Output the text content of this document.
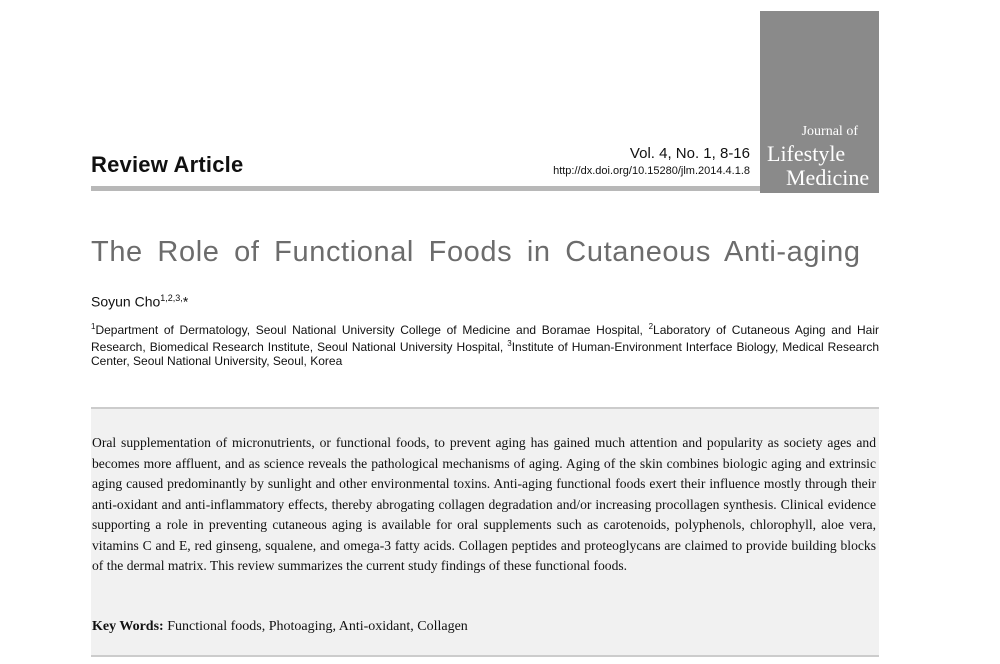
Journal of
Lifestyle
Medicine
Review Article	Vol. 4, No. 1, 8-16
http://dx.doi.org/10.15280/jlm.2014.4.1.8
The Role of Functional Foods in Cutaneous Anti-aging
Soyun Cho$^{1,2,3,}$*
$^1$Department of Dermatology, Seoul National University College of Medicine and Boramae Hospital, $^2$Laboratory of Cutaneous Aging and Hair Research, Biomedical Research Institute, Seoul National University Hospital, $^3$Institute of Human-Environment Interface Biology, Medical Research Center, Seoul National University, Seoul, Korea
Oral supplementation of micronutrients, or functional foods, to prevent aging has gained much attention and popularity as society ages and becomes more affluent, and as science reveals the pathological mechanisms of aging. Aging of the skin combines biologic aging and extrinsic aging caused predominantly by sunlight and other environmental toxins. Anti-aging functional foods exert their influence mostly through their anti-oxidant and anti-inflammatory effects, thereby abrogating collagen degradation and/or increasing procollagen synthesis. Clinical evidence supporting a role in preventing cutaneous aging is available for oral supplements such as carotenoids, polyphenols, chlorophyll, aloe vera, vitamins C and E, red ginseng, squalene, and omega-3 fatty acids. Collagen peptides and proteoglycans are claimed to provide building blocks of the dermal matrix. This review summarizes the current study findings of these functional foods.
Key Words: Functional foods, Photoaging, Anti-oxidant, Collagen
